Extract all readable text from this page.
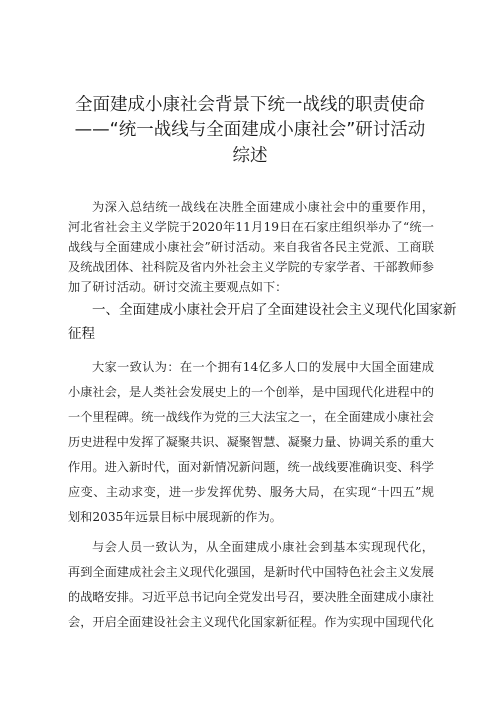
全面建成小康社会背景下统一战线的职责使命
——“统一战线与全面建成小康社会”研讨活动
综述
为深入总结统一战线在决胜全面建成小康社会中的重要作用，
河北省社会主义学院于2020年11月19日在石家庄组织举办了“统一
战线与全面建成小康社会”研讨活动。来自我省各民主党派、工商联
及统战团体、社科院及省内外社会主义学院的专家学者、干部教师参
加了研讨活动。研讨交流主要观点如下：
一、全面建成小康社会开启了全面建设社会主义现代化国家新
征程
大家一致认为：在一个拥有14亿多人口的发展中大国全面建成
小康社会，是人类社会发展史上的一个创举，是中国现代化进程中的
一个里程碑。统一战线作为党的三大法宝之一，在全面建成小康社会
历史进程中发挥了凝聚共识、凝聚智慧、凝聚力量、协调关系的重大
作用。进入新时代，面对新情况新问题，统一战线要准确识变、科学
应变、主动求变，进一步发挥优势、服务大局，在实现“十四五”规
划和2035年远景目标中展现新的作为。
与会人员一致认为，从全面建成小康社会到基本实现现代化，
再到全面建成社会主义现代化强国，是新时代中国特色社会主义发展
的战略安排。习近平总书记向全党发出号召，要决胜全面建成小康社
会，开启全面建设社会主义现代化国家新征程。作为实现中国现代化
